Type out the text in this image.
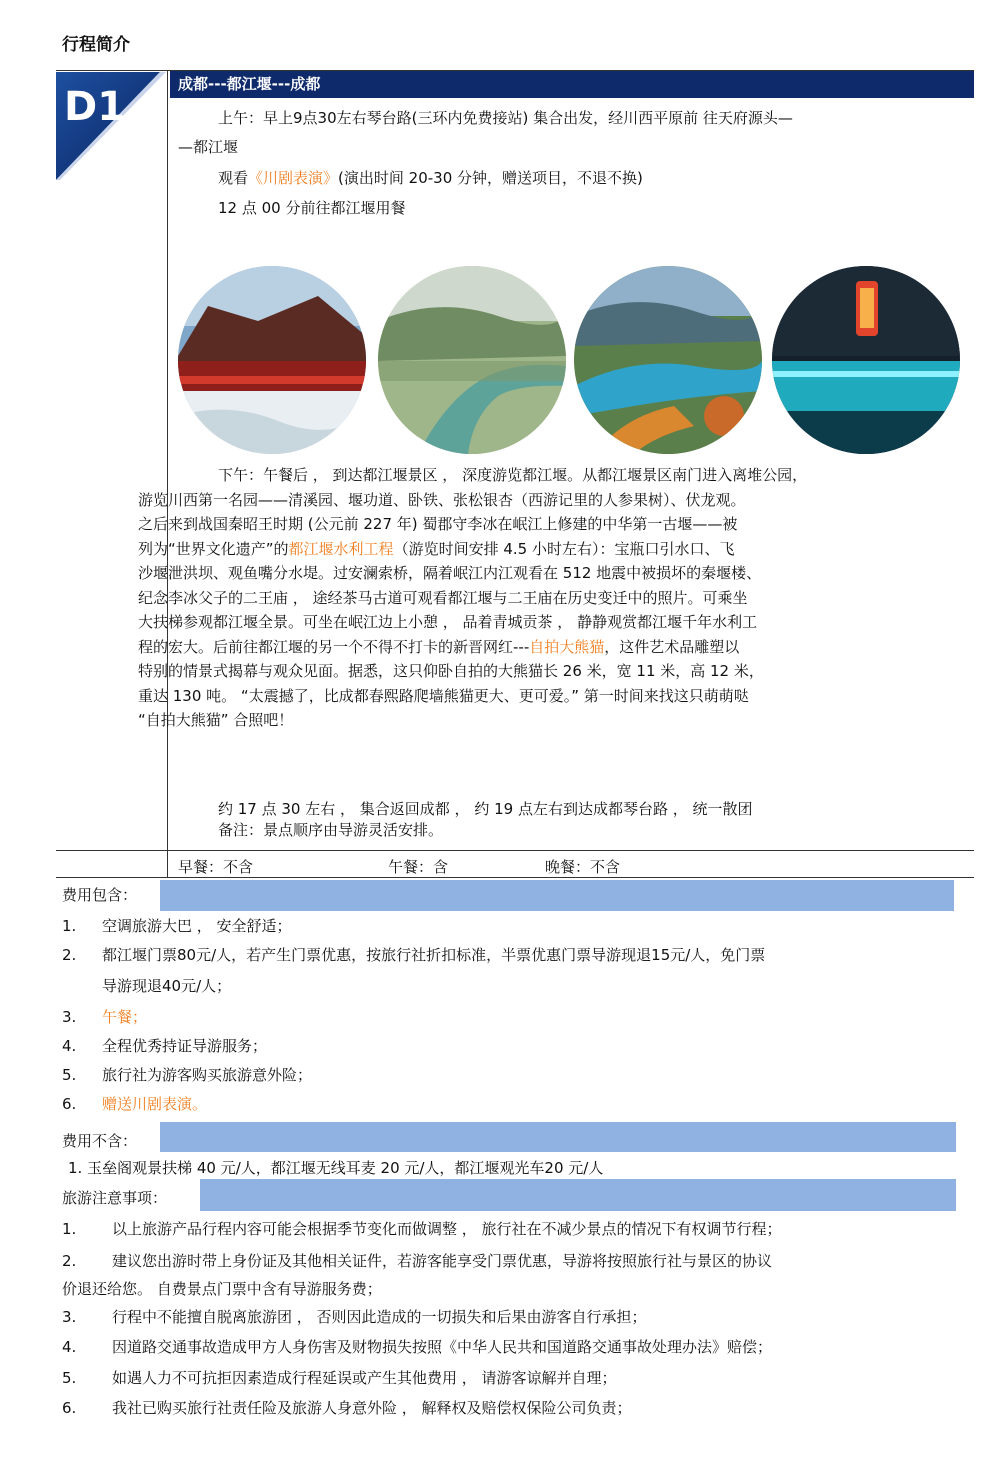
行程简介
D1	成都---都江堰---成都
上午：早上9点30左右琴台路(三环内免费接站) 集合出发，经川西平原前 往天府源头—
—都江堰
观看《川剧表演》(演出时间 20-30 分钟，赠送项目，不退不换)
12 点 00 分前往都江堰用餐
下午：午餐后 ， 到达都江堰景区 ， 深度游览都江堰。从都江堰景区南门进入离堆公园，
游览川西第一名园——清溪园、堰功道、卧铁、张松银杏（西游记里的人参果树）、伏龙观。
之后来到战国秦昭王时期 (公元前 227 年) 蜀郡守李冰在岷江上修建的中华第一古堰——被
列为“世界文化遗产”的都江堰水利工程（游览时间安排 4.5 小时左右）：宝瓶口引水口、飞
沙堰泄洪坝、观鱼嘴分水堤。过安澜索桥，隔着岷江内江观看在 512 地震中被损坏的秦堰楼、
纪念李冰父子的二王庙 ， 途经茶马古道可观看都江堰与二王庙在历史变迁中的照片。可乘坐
大扶梯参观都江堰全景。可坐在岷江边上小憩 ， 品着青城贡茶 ， 静静观赏都江堰千年水利工
程的宏大。后前往都江堰的另一个不得不打卡的新晋网红---自拍大熊猫，这件艺术品雕塑以
特别的情景式揭幕与观众见面。据悉，这只仰卧自拍的大熊猫长 26 米，宽 11 米，高 12 米，
重达 130 吨。 “太震撼了，比成都春熙路爬墙熊猫更大、更可爱。” 第一时间来找这只萌萌哒
“自拍大熊猫” 合照吧！
约 17 点 30 左右 ， 集合返回成都 ， 约 19 点左右到达成都琴台路 ， 统一散团
备注：景点顺序由导游灵活安排。
早餐：不含	午餐：含	晚餐：不含
费用包含：
1. 空调旅游大巴 ， 安全舒适；
2. 都江堰门票80元/人，若产生门票优惠，按旅行社折扣标准，半票优惠门票导游现退15元/人，免门票
导游现退40元/人；
3. 午餐；
4. 全程优秀持证导游服务；
5. 旅行社为游客购买旅游意外险；
6. 赠送川剧表演。
费用不含：
1. 玉垒阁观景扶梯 40 元/人，都江堰无线耳麦 20 元/人，都江堰观光车20 元/人
旅游注意事项：
1. 以上旅游产品行程内容可能会根据季节变化而做调整 ， 旅行社在不减少景点的情况下有权调节行程；
2. 建议您出游时带上身份证及其他相关证件，若游客能享受门票优惠，导游将按照旅行社与景区的协议
价退还给您。 自费景点门票中含有导游服务费；
3. 行程中不能擅自脱离旅游团 ， 否则因此造成的一切损失和后果由游客自行承担；
4. 因道路交通事故造成甲方人身伤害及财物损失按照《中华人民共和国道路交通事故处理办法》赔偿；
5. 如遇人力不可抗拒因素造成行程延误或产生其他费用 ， 请游客谅解并自理；
6. 我社已购买旅行社责任险及旅游人身意外险 ， 解释权及赔偿权保险公司负责；
